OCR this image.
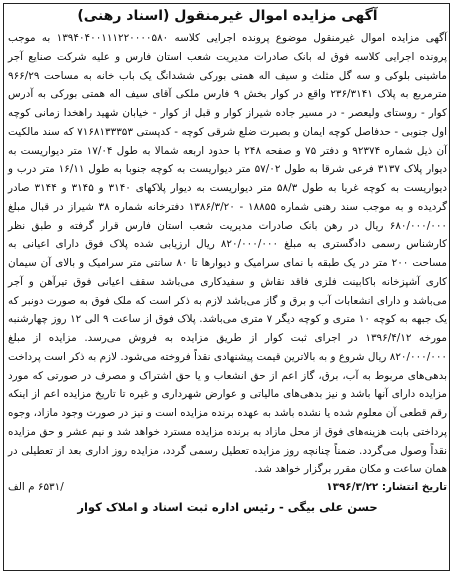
آگهی مزایده اموال غیرمنقول (اسناد رهنی)
آگهی مزایده اموال غیرمنقول موضوع پرونده اجرایی کلاسه ۱۳۹۴۰۴۰۰۱۱۱۲۲۰۰۰۰۵۸۰ به موجب پرونده اجرایی کلاسه فوق له بانک صادرات مدیریت شعب استان فارس و علیه شرکت صنایع آجر ماشینی بلوکی و سه گل مثلث و سیف اله همتی بورکی ششدانگ یک باب خانه به مساحت ۹۶۶/۲۹ مترمربع به پلاک ۲۳۶/۳۱۴۱ واقع در کوار بخش ۹ فارس ملکی آقای سیف اله همتی بورکی به آدرس کوار - روستای ولیعصر - در مسیر جاده شیراز کوار و قبل از کوار - خیابان شهید راهخدا زمانی کوچه اول جنوبی - حدفاصل کوچه ایمان و بصیرت ضلع شرقی کوچه - کدپستی ۷۱۶۸۱۳۳۳۵۳ که سند مالکیت آن ذیل شماره ۹۲۳۷۴ و دفتر ۷۵ و صفحه ۲۴۸ با حدود اربعه شمالا به طول ۱۷/۰۴ متر دیواریست به دیوار پلاک ۳۱۳۷ فرعی شرقا به طول ۵۷/۰۲ متر دیواریست به کوچه جنوبا به طول ۱۶/۱۱ متر درب و دیواریست به کوچه غربا به طول ۵۸/۳ متر دیواریست به دیوار پلاکهای ۳۱۴۰ و ۳۱۴۵ و ۳۱۴۴ صادر گردیده و به موجب سند رهنی شماره ۱۸۸۵۵ - ۱۳۸۶/۳/۲۰ دفترخانه شماره ۳۸ شیراز در قبال مبلغ ۶۸۰/۰۰۰/۰۰۰ ریال در رهن بانک صادرات مدیریت شعب استان فارس قرار گرفته و طبق نظر کارشناس رسمی دادگستری به مبلغ ۸۲۰/۰۰۰/۰۰۰ ریال ارزیابی شده پلاک فوق دارای اعیانی به مساحت ۲۰۰ متر در یک طبقه با نمای سرامیک و دیوارها تا ۸۰ سانتی متر سرامیک و بالای آن سیمان کاری آشپزخانه باکابینت فلزی فاقد نقاش و سفیدکاری می‌باشد سقف اعیانی فوق تیرآهن و آجر می‌باشد و دارای انشعابات آب و برق و گاز می‌باشد لازم به ذکر است که ملک فوق به صورت دونبر که یک جبهه به کوچه ۱۰ متری و کوچه دیگر ۷ متری می‌باشد. پلاک فوق از ساعت ۹ الی ۱۲ روز چهارشنبه مورخه ۱۳۹۶/۴/۱۲ در اجرای ثبت کوار از طریق مزایده به فروش می‌رسد. مزایده از مبلغ ۸۲۰/۰۰۰/۰۰۰ ریال شروع و به بالاترین قیمت پیشنهادی نقداً فروخته می‌شود. لازم به ذکر است پرداخت بدهی‌های مربوط به آب، برق، گاز اعم از حق انشعاب و یا حق اشتراک و مصرف در صورتی که مورد مزایده دارای آنها باشد و نیز بدهی‌های مالیاتی و عوارض شهرداری و غیره تا تاریخ مزایده اعم از اینکه رقم قطعی آن معلوم شده یا نشده باشد به عهده برنده مزایده است و نیز در صورت وجود مازاد، وجوه پرداختی بابت هزینه‌های فوق از محل مازاد به برنده مزایده مسترد خواهد شد و نیم عشر و حق مزایده نقداً وصول می‌گردد. ضمناً چنانچه روز مزایده تعطیل رسمی گردد، مزایده روز اداری بعد از تعطیلی در همان ساعت و مکان مقرر برگزار خواهد شد.
تاریخ انتشار: ۱۳۹۶/۳/۲۲
/۶۵۳۱ م الف
حسن علی بیگی - رئیس اداره ثبت اسناد و املاک کوار
